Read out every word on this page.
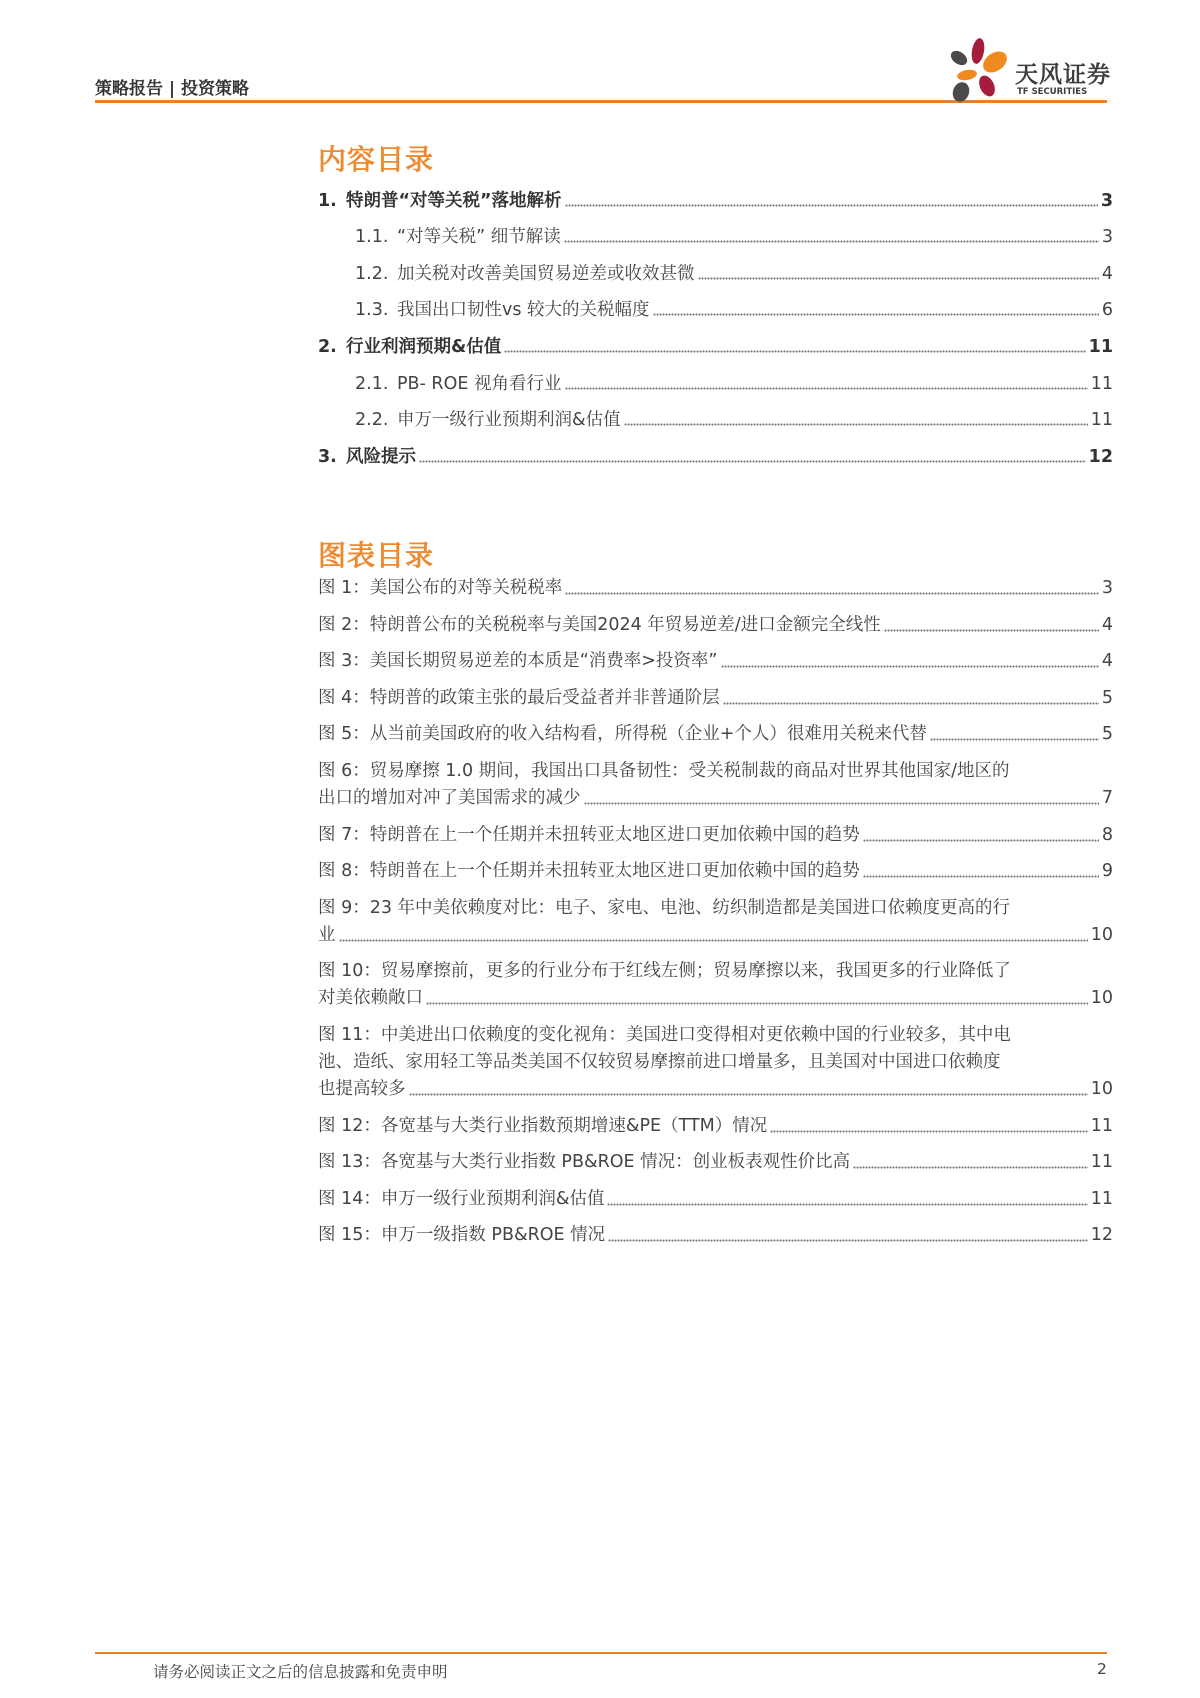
策略报告 | 投资策略
天风证券
TF SECURITIES
内容目录
1. 特朗普“对等关税”落地解析	3
1.1. “对等关税” 细节解读	3
1.2. 加关税对改善美国贸易逆差或收效甚微	4
1.3. 我国出口韧性vs 较大的关税幅度	6
2. 行业利润预期&估值	11
2.1. PB- ROE 视角看行业	11
2.2. 申万一级行业预期利润&估值	11
3. 风险提示	12
图表目录
图 1：美国公布的对等关税税率	3
图 2：特朗普公布的关税税率与美国2024 年贸易逆差/进口金额完全线性	4
图 3：美国长期贸易逆差的本质是“消费率>投资率”	4
图 4：特朗普的政策主张的最后受益者并非普通阶层	5
图 5：从当前美国政府的收入结构看，所得税（企业+个人）很难用关税来代替	5
图 6：贸易摩擦 1.0 期间，我国出口具备韧性：受关税制裁的商品对世界其他国家/地区的
出口的增加对冲了美国需求的减少	7
图 7：特朗普在上一个任期并未扭转亚太地区进口更加依赖中国的趋势	8
图 8：特朗普在上一个任期并未扭转亚太地区进口更加依赖中国的趋势	9
图 9：23 年中美依赖度对比：电子、家电、电池、纺织制造都是美国进口依赖度更高的行
业	10
图 10：贸易摩擦前，更多的行业分布于红线左侧；贸易摩擦以来，我国更多的行业降低了
对美依赖敞口	10
图 11：中美进出口依赖度的变化视角：美国进口变得相对更依赖中国的行业较多，其中电
池、造纸、家用轻工等品类美国不仅较贸易摩擦前进口增量多，且美国对中国进口依赖度
也提高较多	10
图 12：各宽基与大类行业指数预期增速&PE（TTM）情况	11
图 13：各宽基与大类行业指数 PB&ROE 情况：创业板表观性价比高	11
图 14：申万一级行业预期利润&估值	11
图 15：申万一级指数 PB&ROE 情况	12
请务必阅读正文之后的信息披露和免责申明	2
